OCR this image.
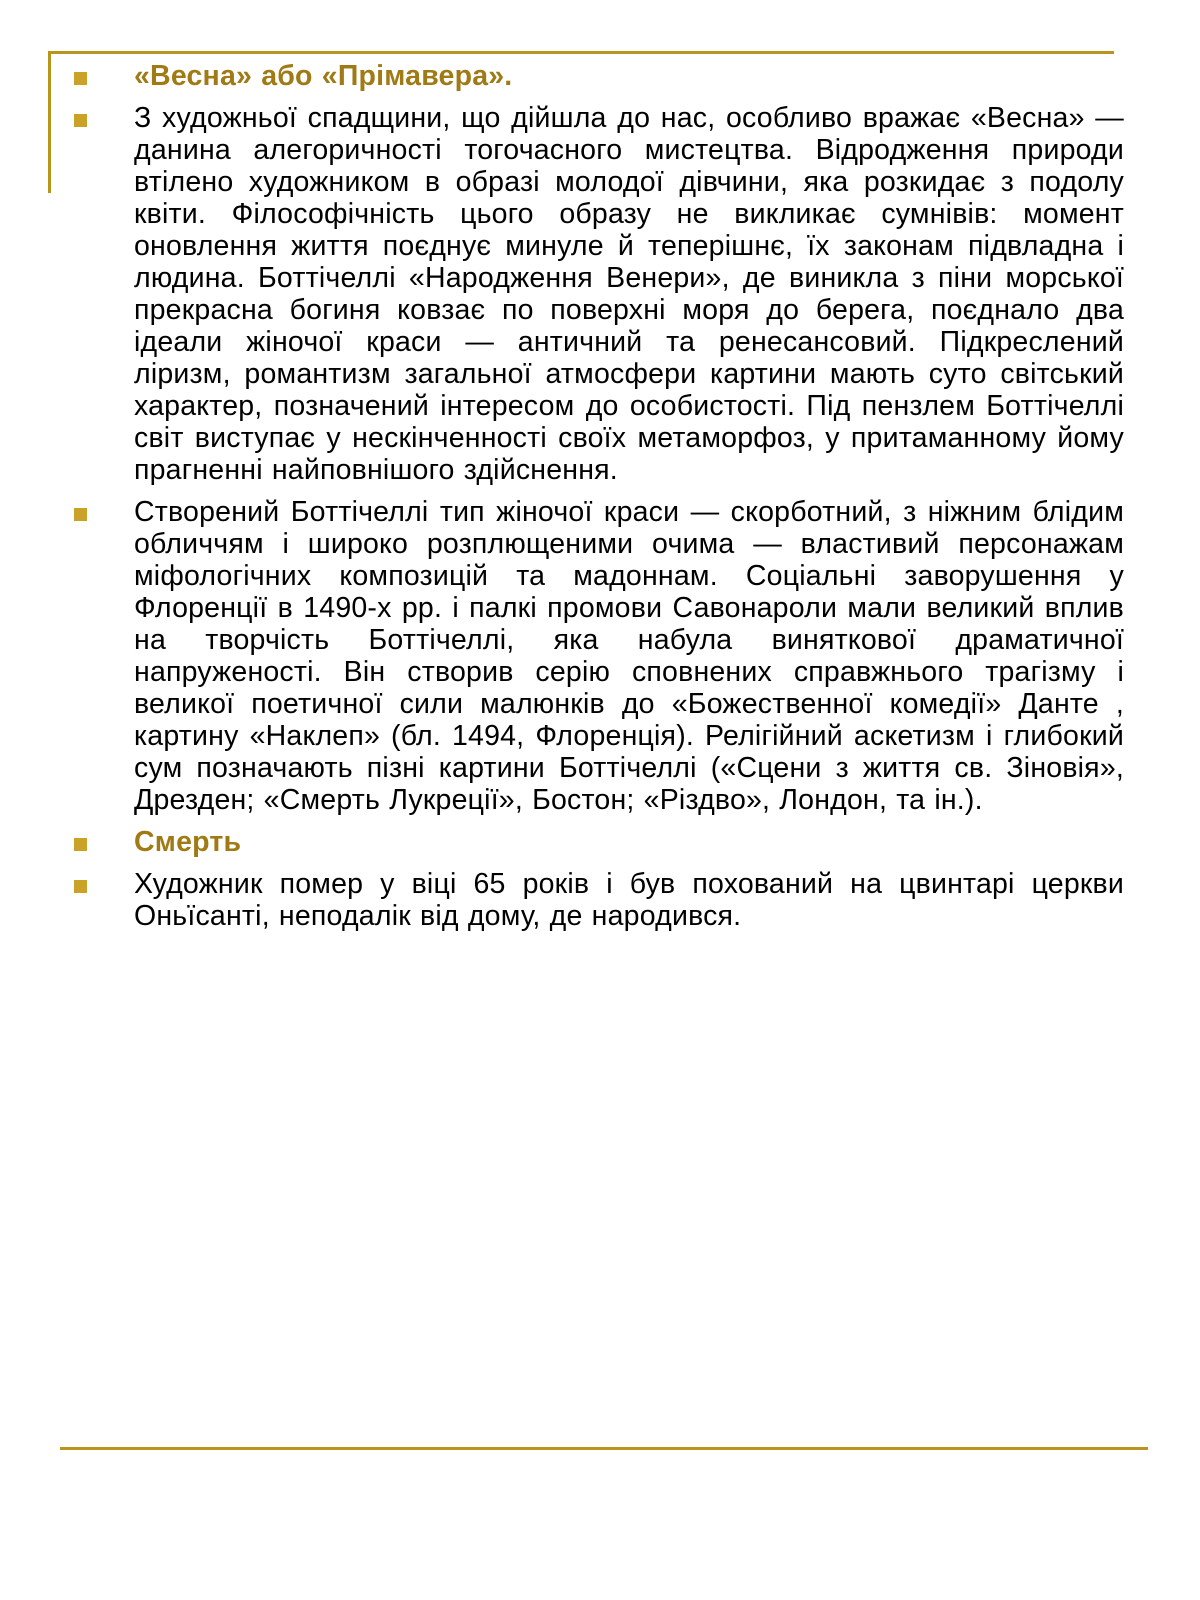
«Весна» або «Прімавера».
З художньої спадщини, що дійшла до нас, особливо вражає «Весна» — данина алегоричності тогочасного мистецтва. Відродження природи втілено художником в образі молодої дівчини, яка розкидає з подолу квіти. Філософічність цього образу не викликає сумнівів: момент оновлення життя поєднує минуле й теперішнє, їх законам підвладна і людина. Боттічеллі «Народження Венери», де виникла з піни морської прекрасна богиня ковзає по поверхні моря до берега, поєднало два ідеали жіночої краси — античний та ренесансовий. Підкреслений ліризм, романтизм загальної атмосфери картини мають суто світський характер, позначений інтересом до особистості. Під пензлем Боттічеллі світ виступає у нескінченності своїх метаморфоз, у притаманному йому прагненні найповнішого здійснення.
Створений Боттічеллі тип жіночої краси — скорботний, з ніжним блідим обличчям і широко розплющеними очима — властивий персонажам міфологічних композицій та мадоннам. Соціальні заворушення у Флоренції в 1490-х рр. і палкі промови Савонароли мали великий вплив на творчість Боттічеллі, яка набула виняткової драматичної напруженості. Він створив серію сповнених справжнього трагізму і великої поетичної сили малюнків до «Божественної комедії» Данте , картину «Наклеп» (бл. 1494, Флоренція). Релігійний аскетизм і глибокий сум позначають пізні картини Боттічеллі («Сцени з життя св. Зіновія», Дрезден; «Смерть Лукреції», Бостон; «Різдво», Лондон, та ін.).
Смерть
Художник помер у віці 65 років і був похований на цвинтарі церкви Оньїсанті, неподалік від дому, де народився.
